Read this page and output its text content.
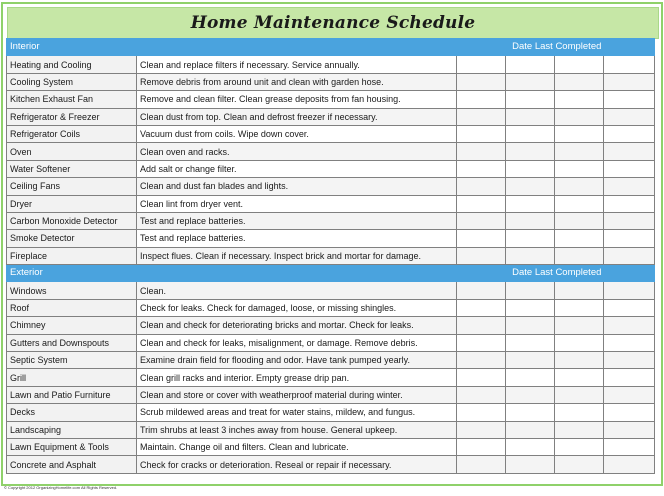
Home Maintenance Schedule
Interior		Date Last Completed			
Heating and Cooling	Clean and replace filters if necessary. Service annually.				
Cooling System	Remove debris from around unit and clean with garden hose.				
Kitchen Exhaust Fan	Remove and clean filter. Clean grease deposits from fan housing.				
Refrigerator & Freezer	Clean dust from top. Clean and defrost freezer if necessary.				
Refrigerator Coils	Vacuum dust from coils. Wipe down cover.				
Oven	Clean oven and racks.				
Water Softener	Add salt or change filter.				
Ceiling Fans	Clean and dust fan blades and lights.				
Dryer	Clean lint from dryer vent.				
Carbon Monoxide Detector	Test and replace batteries.				
Smoke Detector	Test and replace batteries.				
Fireplace	Inspect flues. Clean if necessary. Inspect brick and mortar for damage.				
Exterior		Date Last Completed			
Windows	Clean.				
Roof	Check for leaks. Check for damaged, loose, or missing shingles.				
Chimney	Clean and check for deteriorating bricks and mortar. Check for leaks.				
Gutters and Downspouts	Clean and check for leaks, misalignment, or damage. Remove debris.				
Septic System	Examine drain field for flooding and odor. Have tank pumped yearly.				
Grill	Clean grill racks and interior. Empty grease drip pan.				
Lawn and Patio Furniture	Clean and store or cover with weatherproof material during winter.				
Decks	Scrub mildewed areas and treat for water stains, mildew, and fungus.				
Landscaping	Trim shrubs at least 3 inches away from house. General upkeep.				
Lawn Equipment & Tools	Maintain. Change oil and filters. Clean and lubricate.				
Concrete and Asphalt	Check for cracks or deterioration. Reseal or repair if necessary.				
© Copyright 2012 OrganizingHomelife.com All Rights Reserved.
